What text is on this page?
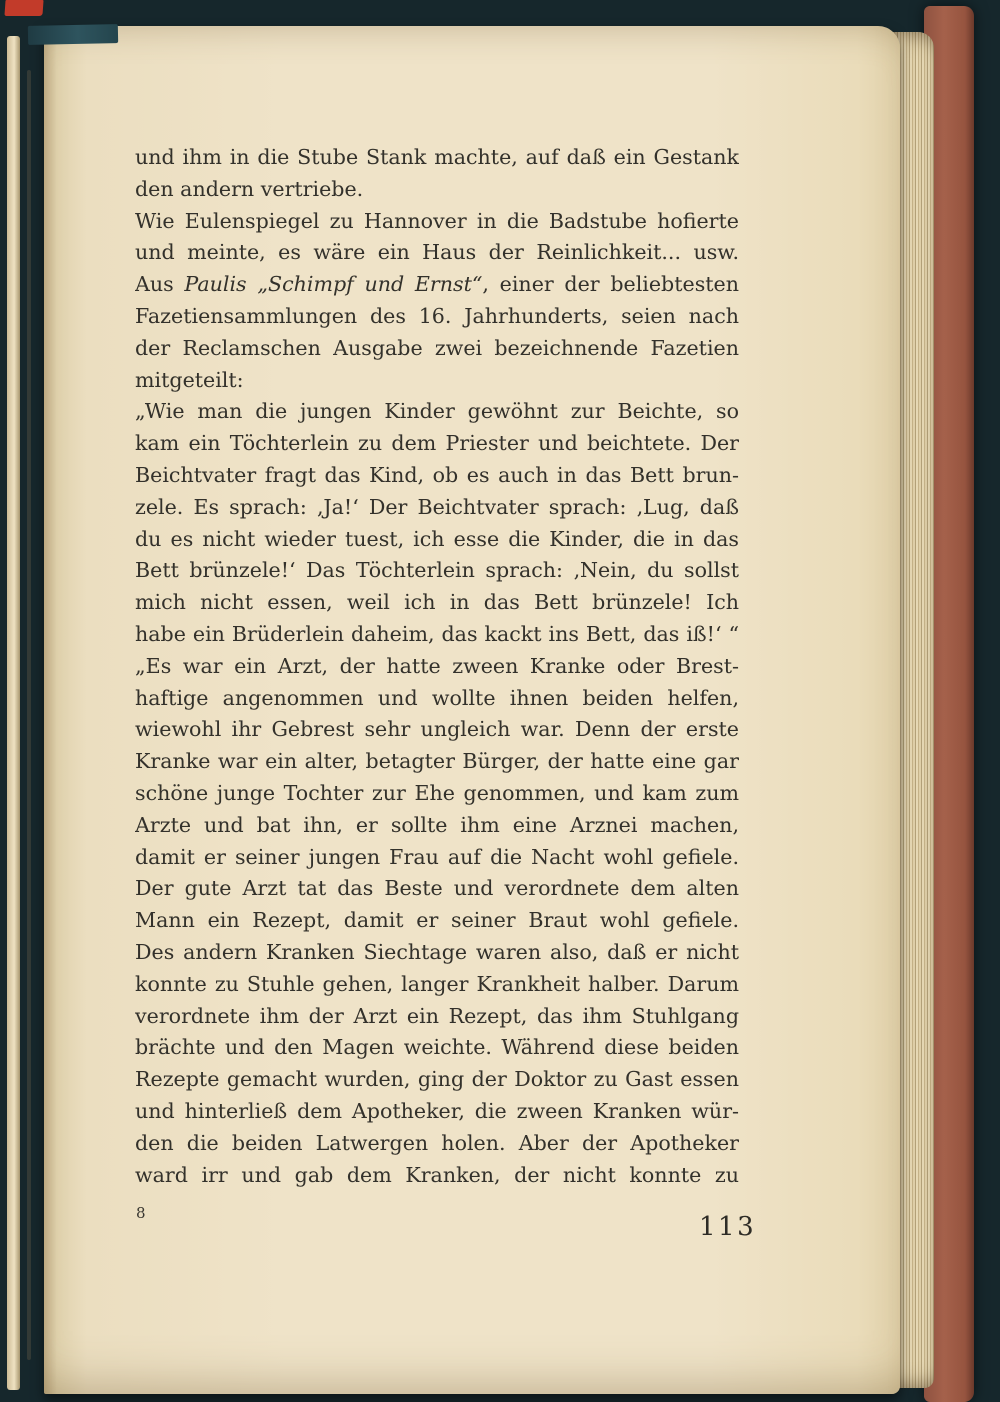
und ihm in die Stube Stank machte, auf daß ein Gestank
den andern vertriebe.
Wie Eulenspiegel zu Hannover in die Badstube hofierte
und meinte, es wäre ein Haus der Reinlichkeit... usw.
Aus Paulis „Schimpf und Ernst“, einer der beliebtesten
Fazetiensammlungen des 16. Jahrhunderts, seien nach
der Reclamschen Ausgabe zwei bezeichnende Fazetien
mitgeteilt:
„Wie man die jungen Kinder gewöhnt zur Beichte, so
kam ein Töchterlein zu dem Priester und beichtete. Der
Beichtvater fragt das Kind, ob es auch in das Bett brun-
zele. Es sprach: ‚Ja!‘ Der Beichtvater sprach: ‚Lug, daß
du es nicht wieder tuest, ich esse die Kinder, die in das
Bett brünzele!‘ Das Töchterlein sprach: ‚Nein, du sollst
mich nicht essen, weil ich in das Bett brünzele! Ich
habe ein Brüderlein daheim, das kackt ins Bett, das iß!‘ “
„Es war ein Arzt, der hatte zween Kranke oder Brest-
haftige angenommen und wollte ihnen beiden helfen,
wiewohl ihr Gebrest sehr ungleich war. Denn der erste
Kranke war ein alter, betagter Bürger, der hatte eine gar
schöne junge Tochter zur Ehe genommen, und kam zum
Arzte und bat ihn, er sollte ihm eine Arznei machen,
damit er seiner jungen Frau auf die Nacht wohl gefiele.
Der gute Arzt tat das Beste und verordnete dem alten
Mann ein Rezept, damit er seiner Braut wohl gefiele.
Des andern Kranken Siechtage waren also, daß er nicht
konnte zu Stuhle gehen, langer Krankheit halber. Darum
verordnete ihm der Arzt ein Rezept, das ihm Stuhlgang
brächte und den Magen weichte. Während diese beiden
Rezepte gemacht wurden, ging der Doktor zu Gast essen
und hinterließ dem Apotheker, die zween Kranken wür-
den die beiden Latwergen holen. Aber der Apotheker
ward irr und gab dem Kranken, der nicht konnte zu
8	113
